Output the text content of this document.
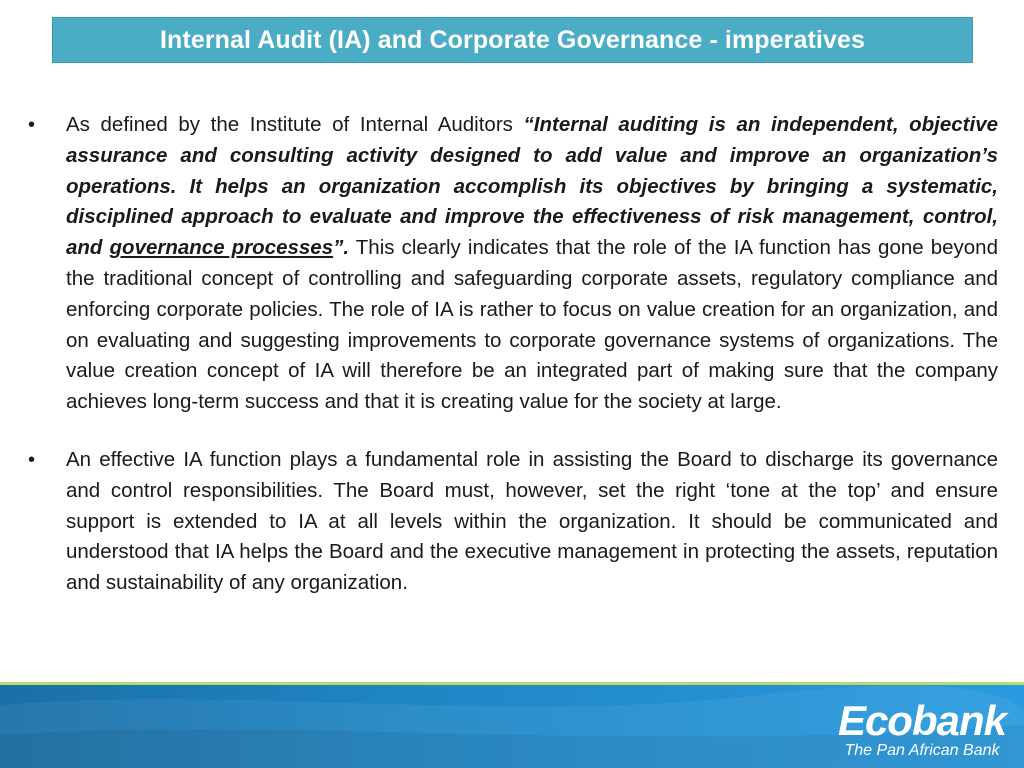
Internal Audit (IA) and Corporate Governance - imperatives
•	As defined by the Institute of Internal Auditors “Internal auditing is an independent, objective assurance and consulting activity designed to add value and improve an organization’s operations. It helps an organization accomplish its objectives by bringing a systematic, disciplined approach to evaluate and improve the effectiveness of risk management, control, and governance processes”. This clearly indicates that the role of the IA function has gone beyond the traditional concept of controlling and safeguarding corporate assets, regulatory compliance and enforcing corporate policies. The role of IA is rather to focus on value creation for an organization, and on evaluating and suggesting improvements to corporate governance systems of organizations. The value creation concept of IA will therefore be an integrated part of making sure that the company achieves long-term success and that it is creating value for the society at large.
•	An effective IA function plays a fundamental role in assisting the Board to discharge its governance and control responsibilities. The Board must, however, set the right ‘tone at the top’ and ensure support is extended to IA at all levels within the organization. It should be communicated and understood that IA helps the Board and the executive management in protecting the assets, reputation and sustainability of any organization.
Ecobank
The Pan African Bank
